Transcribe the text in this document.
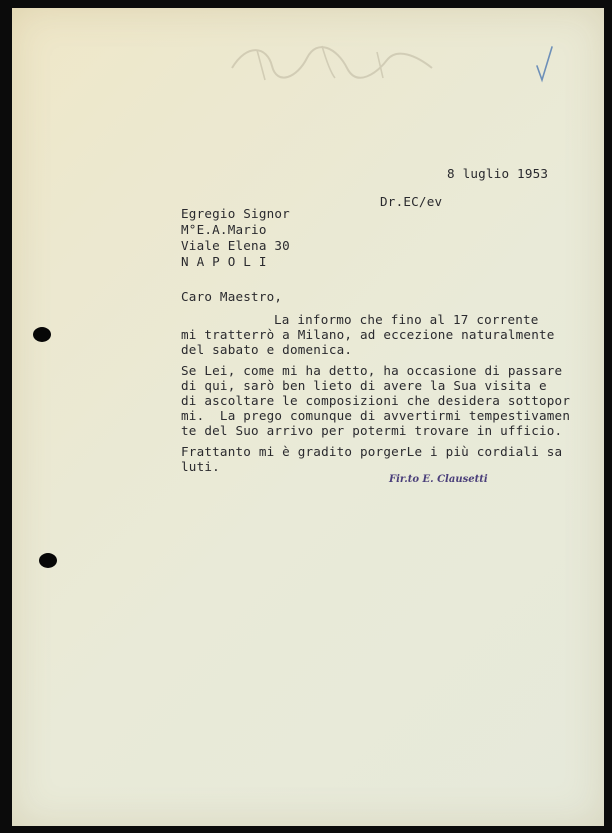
8 luglio 1953
Dr.EC/ev
Egregio Signor
M°E.A.Mario
Viale Elena 30
N A P O L I
Caro Maestro,
La informo che fino al 17 corrente
mi tratterrò a Milano, ad eccezione naturalmente
del sabato e domenica.
Se Lei, come mi ha detto, ha occasione di passare
di qui, sarò ben lieto di avere la Sua visita e
di ascoltare le composizioni che desidera sottopor
mi.  La prego comunque di avvertirmi tempestivamen
te del Suo arrivo per potermi trovare in ufficio.
Frattanto mi è gradito porgerLe i più cordiali sa
luti.
Fir.to E. Clausetti
